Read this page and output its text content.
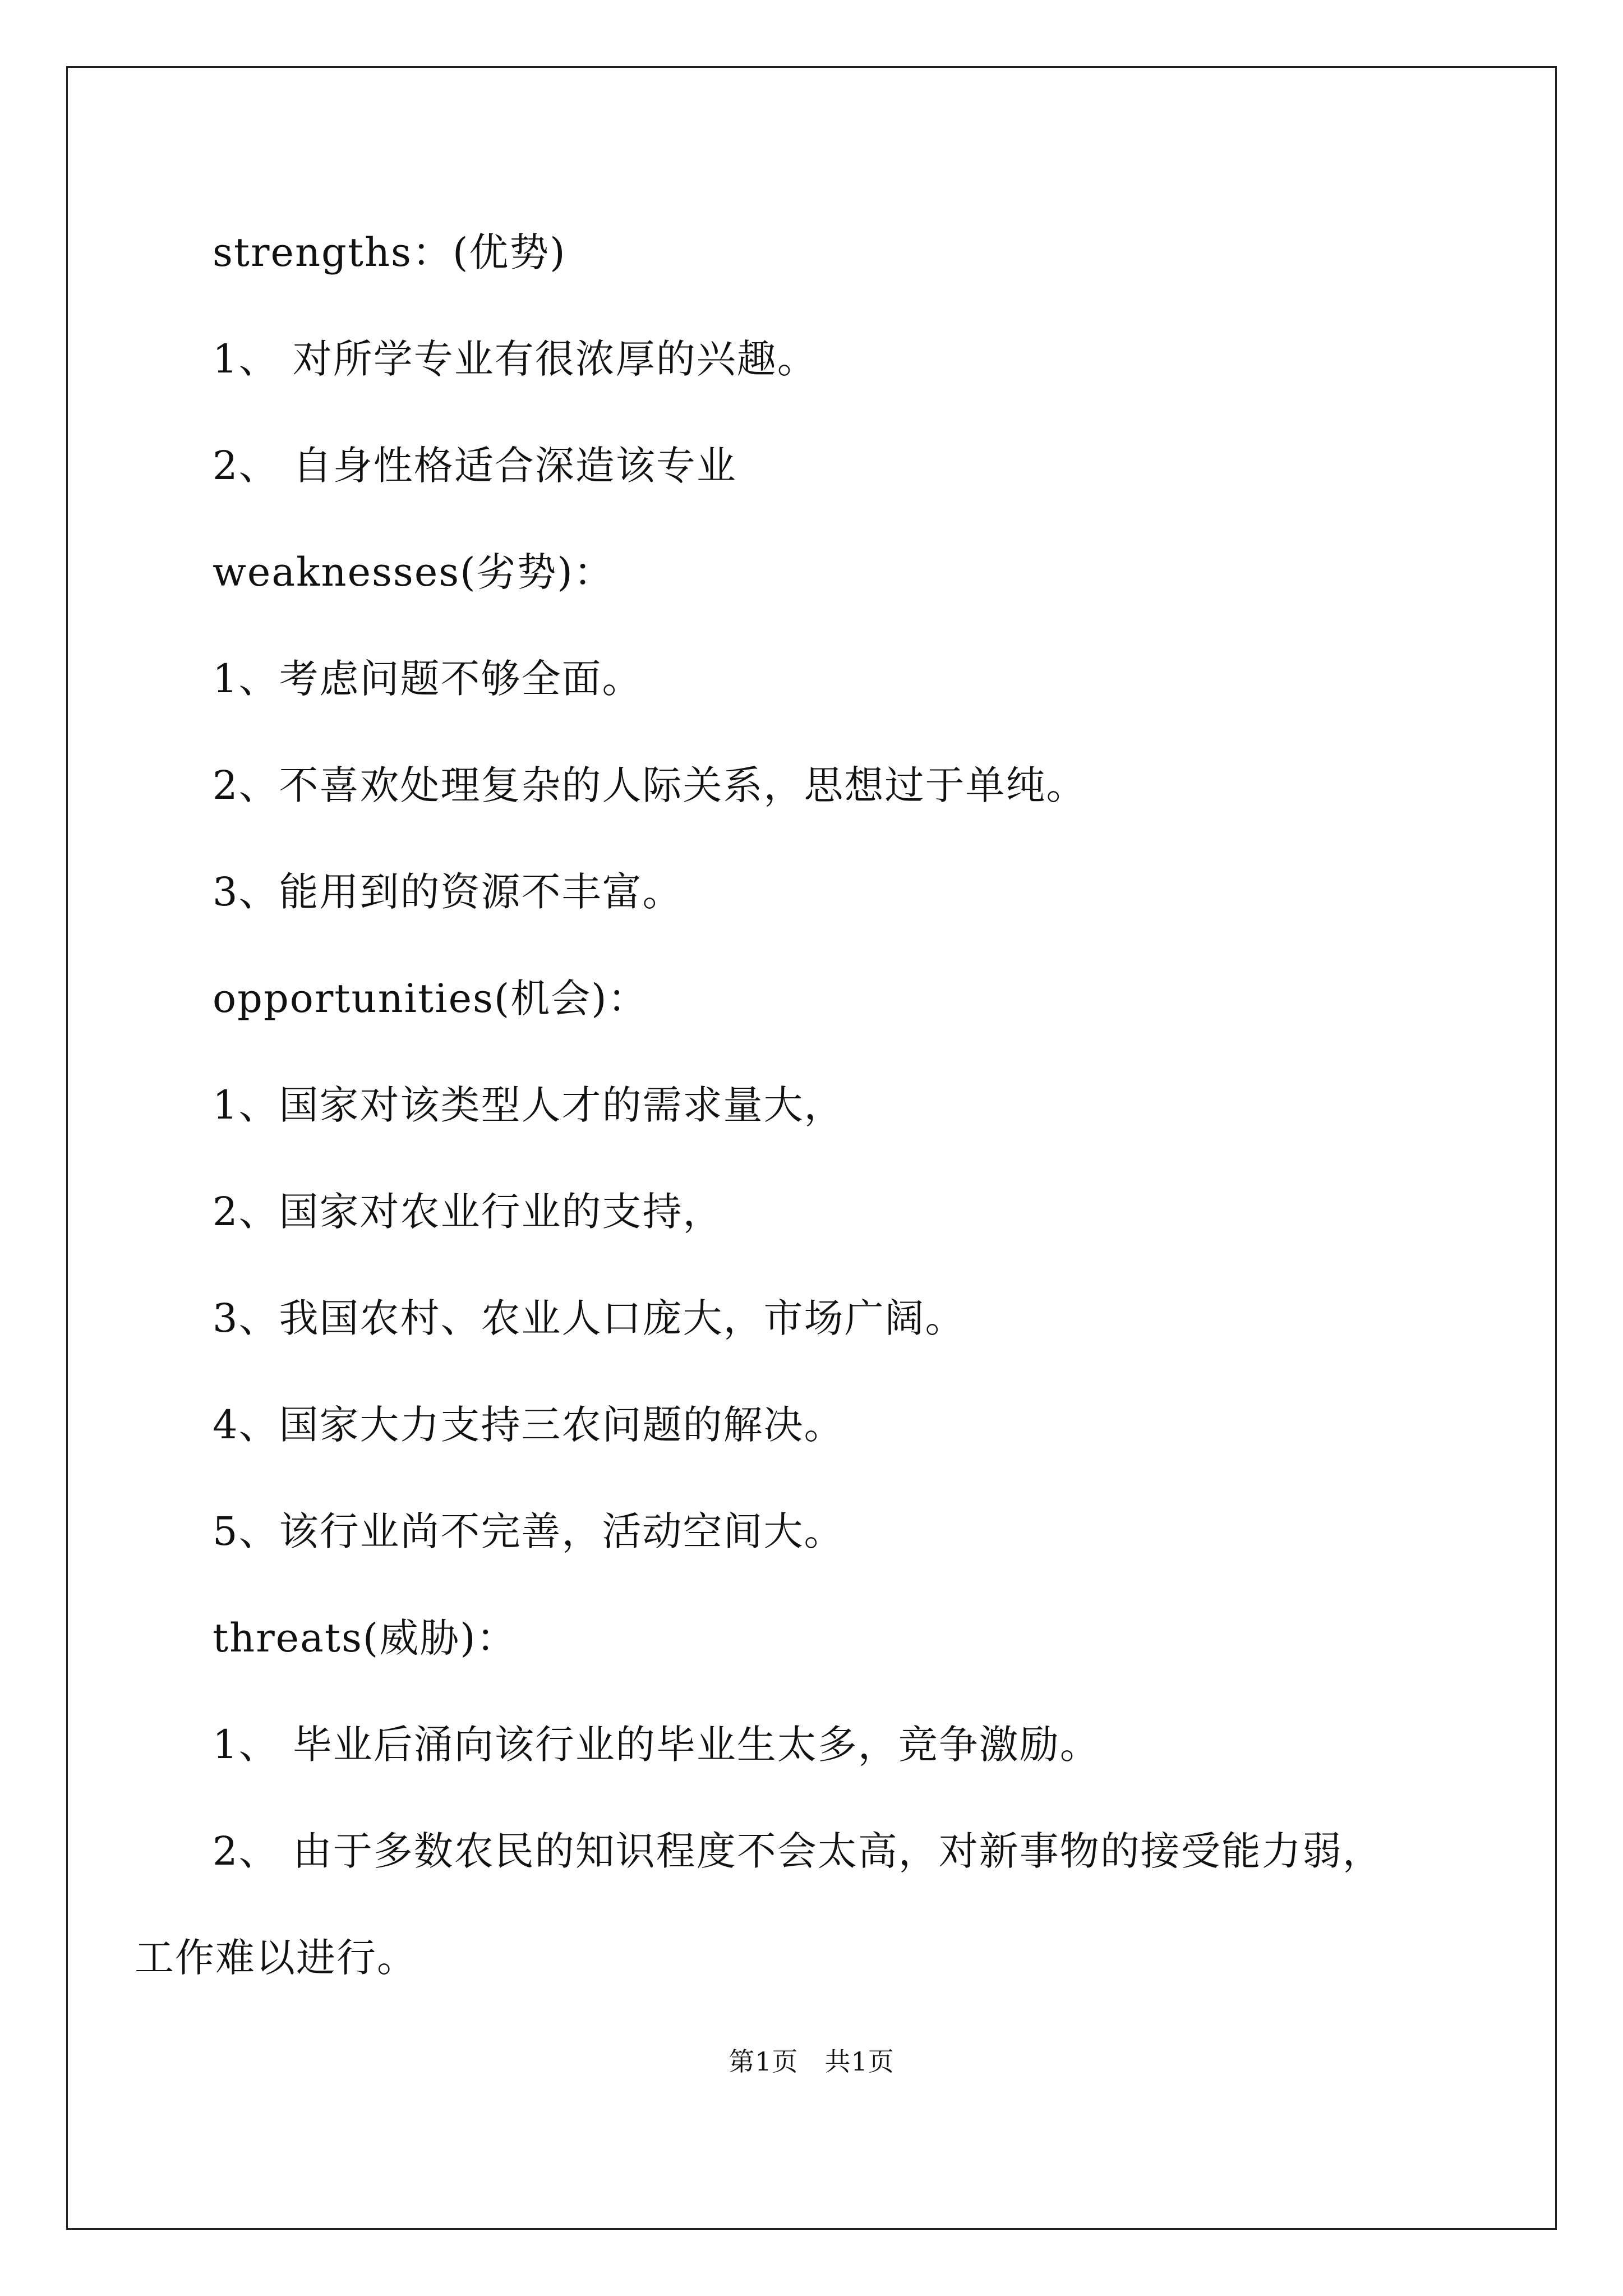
strengths：(优势)
1、 对所学专业有很浓厚的兴趣。
2、 自身性格适合深造该专业
weaknesses(劣势)：
1、考虑问题不够全面。
2、不喜欢处理复杂的人际关系，思想过于单纯。
3、能用到的资源不丰富。
opportunities(机会)：
1、国家对该类型人才的需求量大，
2、国家对农业行业的支持，
3、我国农村、农业人口庞大，市场广阔。
4、国家大力支持三农问题的解决。
5、该行业尚不完善，活动空间大。
threats(威胁)：
1、 毕业后涌向该行业的毕业生太多，竞争激励。
2、 由于多数农民的知识程度不会太高，对新事物的接受能力弱，
工作难以进行。
第1页　共1页
